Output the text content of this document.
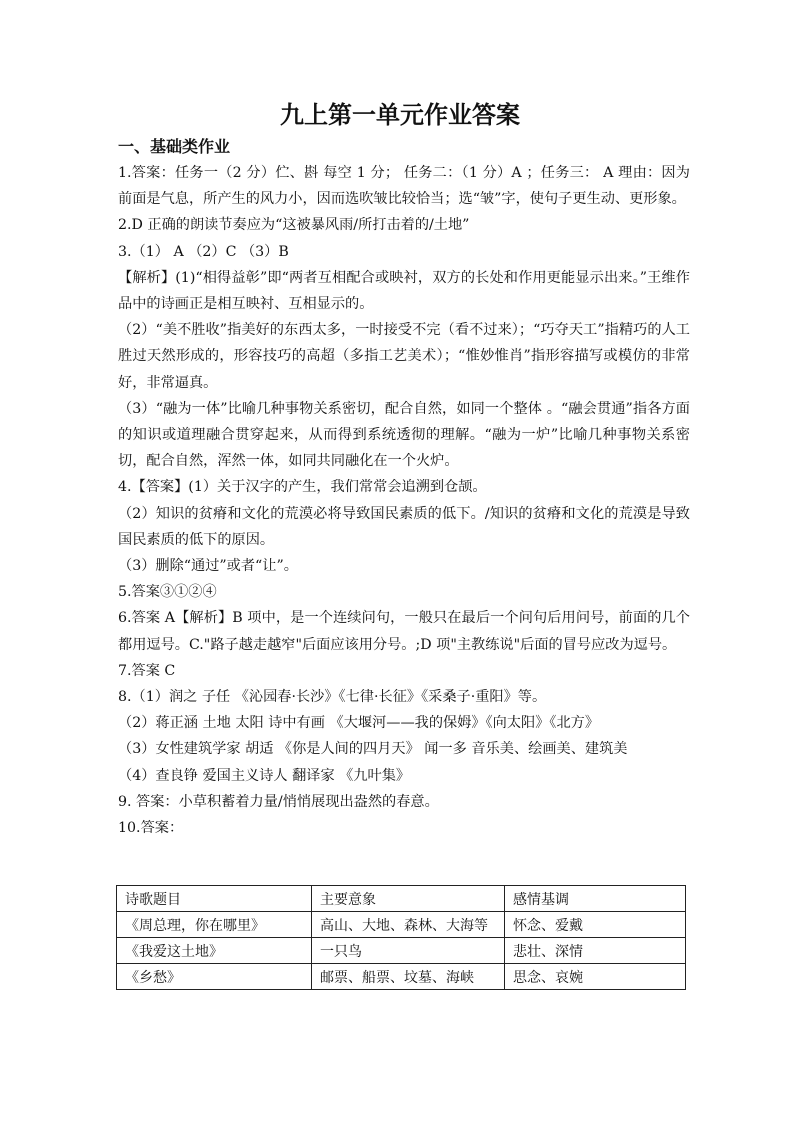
九上第一单元作业答案
一、基础类作业

1.答案：任务一（2 分）伫、斟 每空 1 分； 任务二：（1 分）A ；任务三： A 理由：因为前面是气息，所产生的风力小，因而选吹皱比较恰当；选“皱”字，使句子更生动、更形象。

2.D 正确的朗读节奏应为“这被暴风雨/所打击着的/土地”

3.（1） A （2）C （3）B

【解析】(1)“相得益彰”即“两者互相配合或映衬，双方的长处和作用更能显示出来。”王维作品中的诗画正是相互映衬、互相显示的。

（2）“美不胜收”指美好的东西太多，一时接受不完（看不过来）；“巧夺天工”指精巧的人工胜过天然形成的，形容技巧的高超（多指工艺美术）；“惟妙惟肖”指形容描写或模仿的非常好，非常逼真。

（3）“融为一体”比喻几种事物关系密切，配合自然，如同一个整体 。“融会贯通”指各方面的知识或道理融合贯穿起来，从而得到系统透彻的理解。“融为一炉”比喻几种事物关系密切，配合自然，浑然一体，如同共同融化在一个火炉。

4.【答案】(1）关于汉字的产生，我们常常会追溯到仓颉。

（2）知识的贫瘠和文化的荒漠必将导致国民素质的低下。/知识的贫瘠和文化的荒漠是导致国民素质的低下的原因。

（3）删除“通过”或者“让”。

5.答案③①②④

6.答案 A【解析】B 项中，是一个连续问句，一般只在最后一个问句后用问号，前面的几个都用逗号。C."路子越走越窄"后面应该用分号。;D 项"主教练说"后面的冒号应改为逗号。

7.答案 C

8.（1）润之 子任 《沁园春·长沙》《七律·长征》《采桑子·重阳》等。

（2）蒋正涵 土地 太阳 诗中有画 《大堰河——我的保姆》《向太阳》《北方》

（3）女性建筑学家 胡适 《你是人间的四月天》 闻一多 音乐美、绘画美、建筑美

（4）查良铮 爱国主义诗人 翻译家 《九叶集》

9. 答案：小草积蓄着力量/悄悄展现出盎然的春意。

10.答案：

诗歌题目	主要意象	感情基调
《周总理，你在哪里》	高山、大地、森林、大海等	怀念、爱戴
《我爱这土地》	一只鸟	悲壮、深情
《乡愁》	邮票、船票、坟墓、海峡	思念、哀婉
